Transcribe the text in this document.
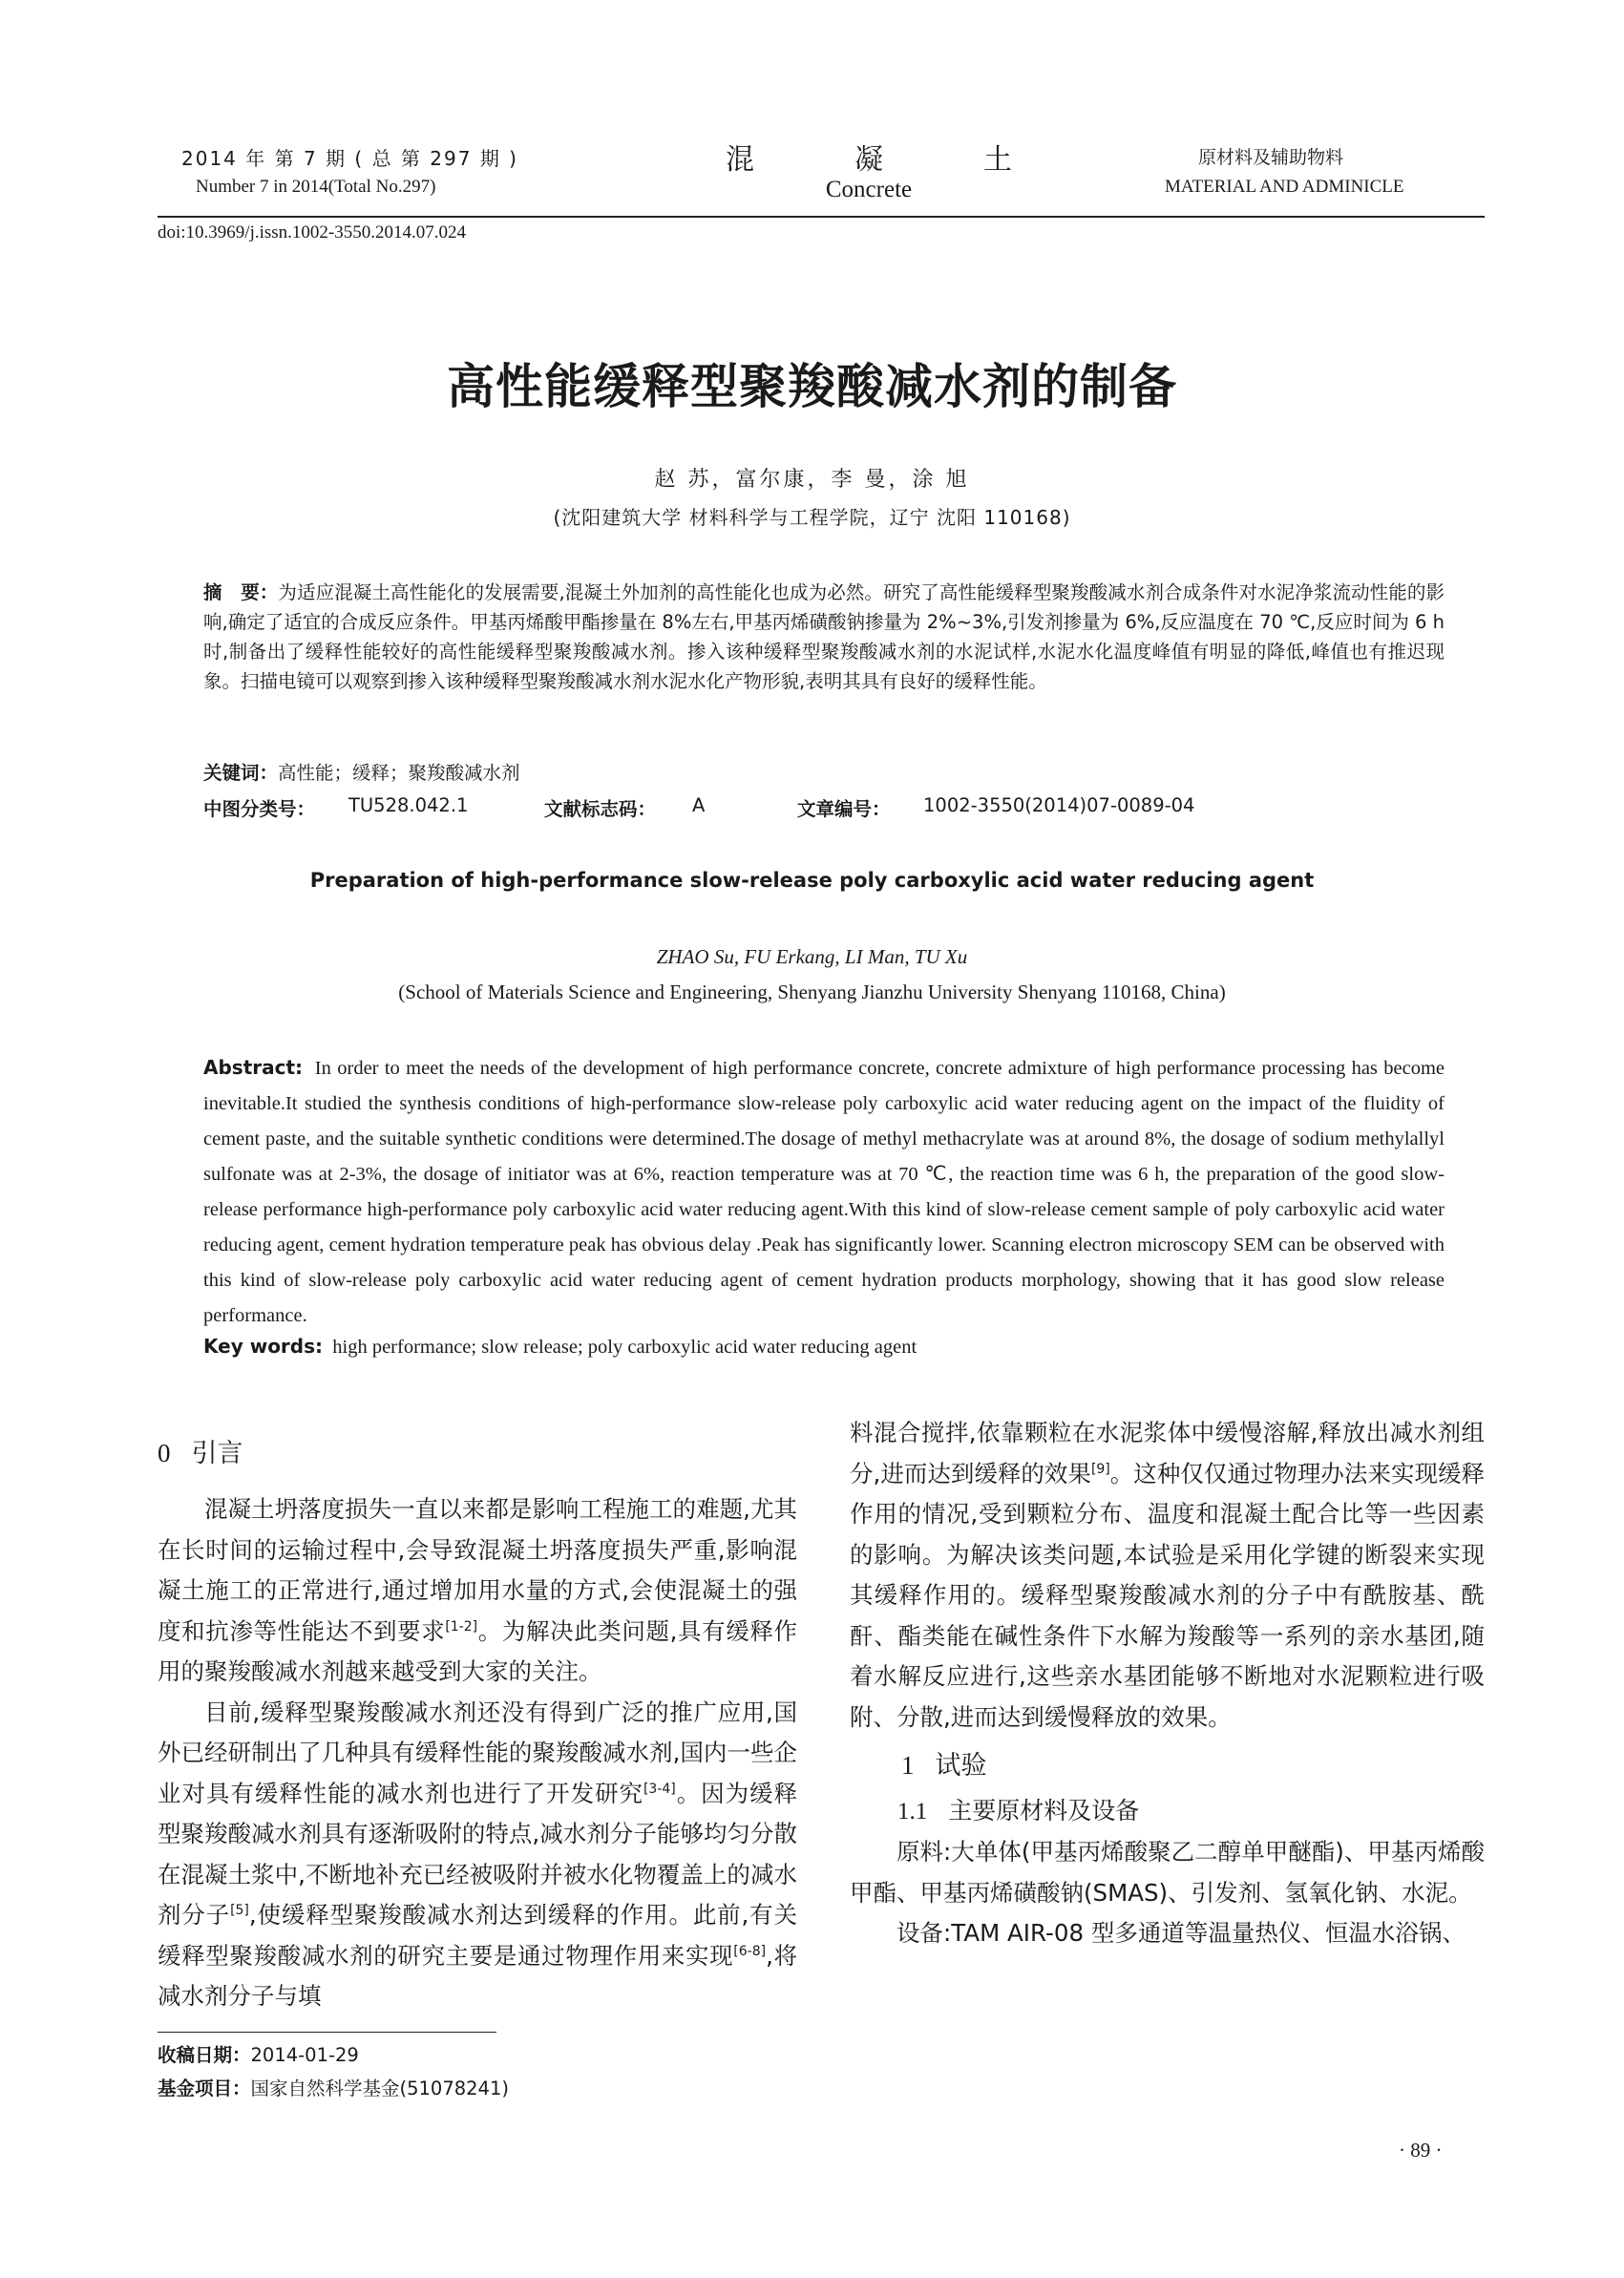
2014 年 第 7 期 ( 总 第 297 期 )
Number 7 in 2014(Total No.297)
混	凝	土
Concrete
原材料及辅助物料
MATERIAL AND ADMINICLE
doi:10.3969/j.issn.1002-3550.2014.07.024
高性能缓释型聚羧酸减水剂的制备
赵 苏，富尔康，李 曼，涂 旭
(沈阳建筑大学 材料科学与工程学院，辽宁 沈阳 110168)
摘　要：为适应混凝土高性能化的发展需要,混凝土外加剂的高性能化也成为必然。研究了高性能缓释型聚羧酸减水剂合成条件对水泥净浆流动性能的影响,确定了适宜的合成反应条件。甲基丙烯酸甲酯掺量在 8%左右,甲基丙烯磺酸钠掺量为 2%~3%,引发剂掺量为 6%,反应温度在 70 ℃,反应时间为 6 h 时,制备出了缓释性能较好的高性能缓释型聚羧酸减水剂。掺入该种缓释型聚羧酸减水剂的水泥试样,水泥水化温度峰值有明显的降低,峰值也有推迟现象。扫描电镜可以观察到掺入该种缓释型聚羧酸减水剂水泥水化产物形貌,表明其具有良好的缓释性能。
关键词：高性能；缓释；聚羧酸减水剂
中图分类号： TU528.042.1	文献标志码： A	文章编号： 1002-3550(2014)07-0089-04
Preparation of high-performance slow-release poly carboxylic acid water reducing agent
ZHAO Su, FU Erkang, LI Man, TU Xu
(School of Materials Science and Engineering, Shenyang Jianzhu University Shenyang 110168, China)
Abstract: In order to meet the needs of the development of high performance concrete, concrete admixture of high performance processing has become inevitable.It studied the synthesis conditions of high-performance slow-release poly carboxylic acid water reducing agent on the impact of the fluidity of cement paste, and the suitable synthetic conditions were determined.The dosage of methyl methacrylate was at around 8%, the dosage of sodium methylallyl sulfonate was at 2-3%, the dosage of initiator was at 6%, reaction temperature was at 70 ℃, the reaction time was 6 h, the preparation of the good slow-release performance high-performance poly carboxylic acid water reducing agent.With this kind of slow-release cement sample of poly carboxylic acid water reducing agent, cement hydration temperature peak has obvious delay .Peak has significantly lower. Scanning electron microscopy SEM can be observed with this kind of slow-release poly carboxylic acid water reducing agent of cement hydration products morphology, showing that it has good slow release performance.
Key words: high performance; slow release; poly carboxylic acid water reducing agent
0 引言

混凝土坍落度损失一直以来都是影响工程施工的难题,尤其在长时间的运输过程中,会导致混凝土坍落度损失严重,影响混凝土施工的正常进行,通过增加用水量的方式,会使混凝土的强度和抗渗等性能达不到要求[1-2]。为解决此类问题,具有缓释作用的聚羧酸减水剂越来越受到大家的关注。

目前,缓释型聚羧酸减水剂还没有得到广泛的推广应用,国外已经研制出了几种具有缓释性能的聚羧酸减水剂,国内一些企业对具有缓释性能的减水剂也进行了开发研究[3-4]。因为缓释型聚羧酸减水剂具有逐渐吸附的特点,减水剂分子能够均匀分散在混凝土浆中,不断地补充已经被吸附并被水化物覆盖上的减水剂分子[5],使缓释型聚羧酸减水剂达到缓释的作用。此前,有关缓释型聚羧酸减水剂的研究主要是通过物理作用来实现[6-8],将减水剂分子与填

料混合搅拌,依靠颗粒在水泥浆体中缓慢溶解,释放出减水剂组分,进而达到缓释的效果[9]。这种仅仅通过物理办法来实现缓释作用的情况,受到颗粒分布、温度和混凝土配合比等一些因素的影响。为解决该类问题,本试验是采用化学键的断裂来实现其缓释作用的。缓释型聚羧酸减水剂的分子中有酰胺基、酰酐、酯类能在碱性条件下水解为羧酸等一系列的亲水基团,随着水解反应进行,这些亲水基团能够不断地对水泥颗粒进行吸附、分散,进而达到缓慢释放的效果。

1 试验

1.1 主要原材料及设备

原料:大单体(甲基丙烯酸聚乙二醇单甲醚酯)、甲基丙烯酸甲酯、甲基丙烯磺酸钠(SMAS)、引发剂、氢氧化钠、水泥。

设备:TAM AIR-08 型多通道等温量热仪、恒温水浴锅、

收稿日期：2014-01-29
基金项目：国家自然科学基金(51078241)
· 89 ·
